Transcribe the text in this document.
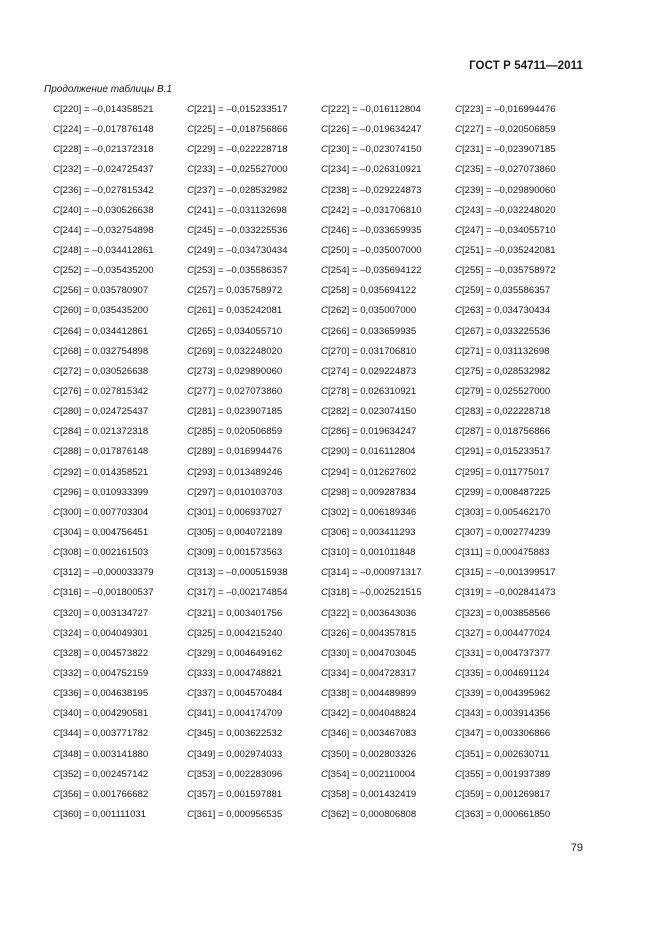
ГОСТ Р 54711—2011
Продолжение таблицы В.1
C[220] = –0,014358521	C[221] = –0,015233517	C[222] = –0,016112804	C[223] = –0,016994476
C[224] = –0,017876148	C[225] = –0,018756866	C[226] = –0,019634247	C[227] = –0,020506859
C[228] = –0,021372318	C[229] = –0,022228718	C[230] = –0,023074150	C[231] = –0,023907185
C[232] = –0,024725437	C[233] = –0,025527000	C[234] = –0,026310921	C[235] = –0,027073860
C[236] = –0,027815342	C[237] = –0,028532982	C[238] = –0,029224873	C[239] = –0,029890060
C[240] = –0,030526638	C[241] = –0,031132698	C[242] = –0,031706810	C[243] = –0,032248020
C[244] = –0,032754898	C[245] = –0,033225536	C[246] = –0,033659935	C[247] = –0,034055710
C[248] = –0,034412861	C[249] = –0,034730434	C[250] = –0,035007000	C[251] = –0,035242081
C[252] = –0,035435200	C[253] = –0,035586357	C[254] = –0,035694122	C[255] = –0,035758972
C[256] = 0,035780907	C[257] = 0,035758972	C[258] = 0,035694122	C[259] = 0,035586357
C[260] = 0,035435200	C[261] = 0,035242081	C[262] = 0,035007000	C[263] = 0,034730434
C[264] = 0,034412861	C[265] = 0,034055710	C[266] = 0,033659935	C[267] = 0,033225536
C[268] = 0,032754898	C[269] = 0,032248020	C[270] = 0,031706810	C[271] = 0,031132698
C[272] = 0,030526638	C[273] = 0,029890060	C[274] = 0,029224873	C[275] = 0,028532982
C[276] = 0,027815342	C[277] = 0,027073860	C[278] = 0,026310921	C[279] = 0,025527000
C[280] = 0,024725437	C[281] = 0,023907185	C[282] = 0,023074150	C[283] = 0,022228718
C[284] = 0,021372318	C[285] = 0,020506859	C[286] = 0,019634247	C[287] = 0,018756866
C[288] = 0,017876148	C[289] = 0,016994476	C[290] = 0,016112804	C[291] = 0,015233517
C[292] = 0,014358521	C[293] = 0,013489246	C[294] = 0,012627602	C[295] = 0,011775017
C[296] = 0,010933399	C[297] = 0,010103703	C[298] = 0,009287834	C[299] = 0,008487225
C[300] = 0,007703304	C[301] = 0,006937027	C[302] = 0,006189346	C[303] = 0,005462170
C[304] = 0,004756451	C[305] = 0,004072189	C[306] = 0,003411293	C[307] = 0,002774239
C[308] = 0,002161503	C[309] = 0,001573563	C[310] = 0,001011848	C[311] = 0,000475883
C[312] = –0,000033379	C[313] = –0,000515938	C[314] = –0,000971317	C[315] = –0,001399517
C[316] = –0,001800537	C[317] = –0,002174854	C[318] = –0,002521515	C[319] = –0,002841473
C[320] = 0,003134727	C[321] = 0,003401756	C[322] = 0,003643036	C[323] = 0,003858566
C[324] = 0,004049301	C[325] = 0,004215240	C[326] = 0,004357815	C[327] = 0,004477024
C[328] = 0,004573822	C[329] = 0,004649162	C[330] = 0,004703045	C[331] = 0,004737377
C[332] = 0,004752159	C[333] = 0,004748821	C[334] = 0,004728317	C[335] = 0,004691124
C[336] = 0,004638195	C[337] = 0,004570484	C[338] = 0,004489899	C[339] = 0,004395962
C[340] = 0,004290581	C[341] = 0,004174709	C[342] = 0,004048824	C[343] = 0,003914356
C[344] = 0,003771782	C[345] = 0,003622532	C[346] = 0,003467083	C[347] = 0,003306866
C[348] = 0,003141880	C[349] = 0,002974033	C[350] = 0,002803326	C[351] = 0,002630711
C[352] = 0,002457142	C[353] = 0,002283096	C[354] = 0,002110004	C[355] = 0,001937389
C[356] = 0,001766682	C[357] = 0,001597881	C[358] = 0,001432419	C[359] = 0,001269817
C[360] = 0,001111031	C[361] = 0,000956535	C[362] = 0,000806808	C[363] = 0,000661850
79
